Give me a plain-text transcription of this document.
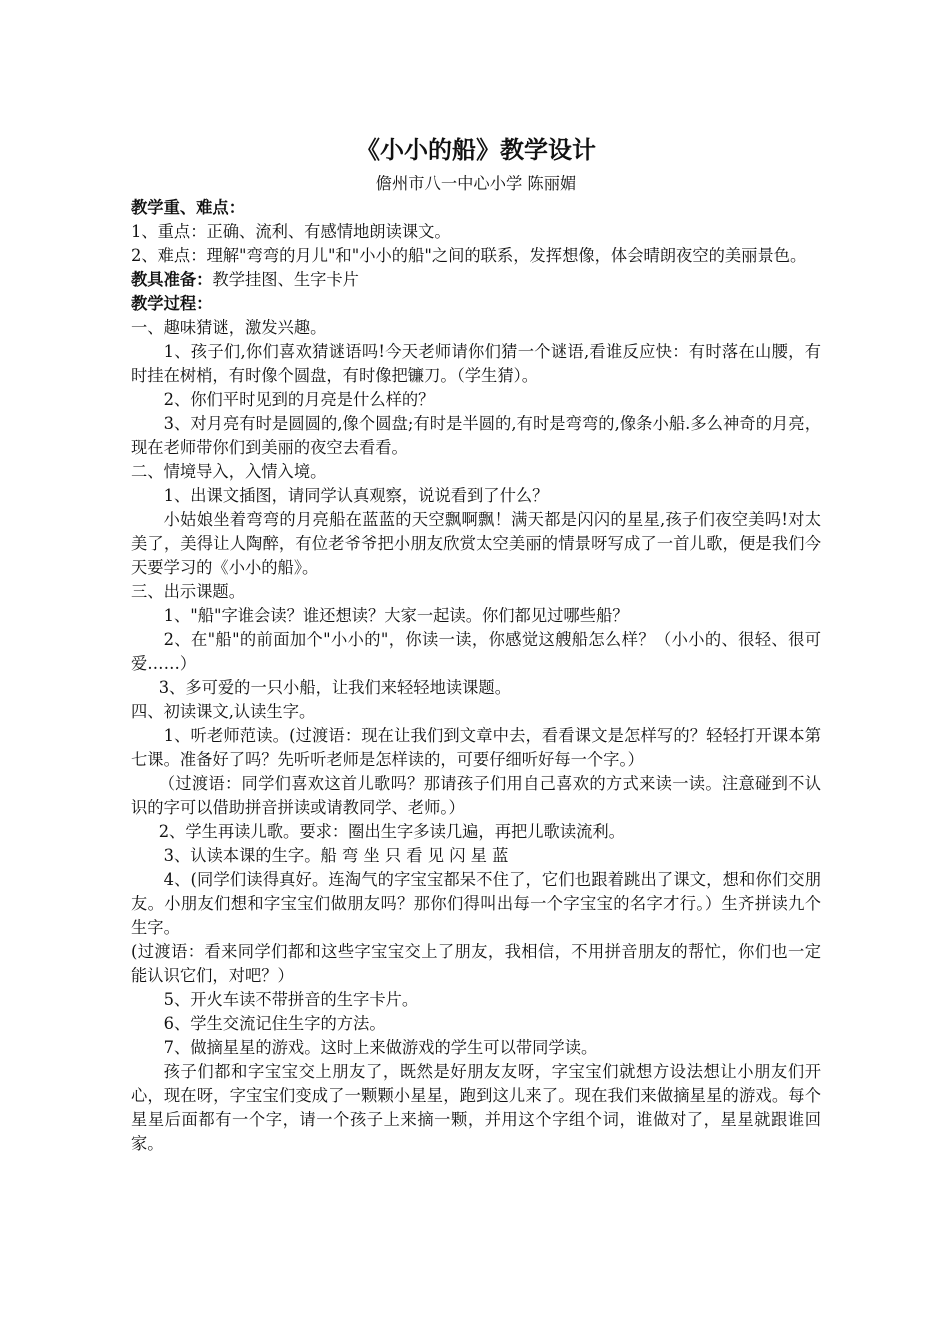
《小小的船》教学设计

儋州市八一中心小学 陈丽媚

教学重、难点：

1、重点：正确、流利、有感情地朗读课文。

2、难点：理解"弯弯的月儿"和"小小的船"之间的联系，发挥想像，体会晴朗夜空的美丽景色。

教具准备：教学挂图、生字卡片

教学过程：

一、趣味猜谜，激发兴趣。

1、孩子们,你们喜欢猜谜语吗!今天老师请你们猜一个谜语,看谁反应快：有时落在山腰，有时挂在树梢，有时像个圆盘，有时像把镰刀。（学生猜）。

2、你们平时见到的月亮是什么样的？

3、对月亮有时是圆圆的,像个圆盘;有时是半圆的,有时是弯弯的,像条小船.多么神奇的月亮，现在老师带你们到美丽的夜空去看看。

二、情境导入，入情入境。

1、出课文插图，请同学认真观察，说说看到了什么？

小姑娘坐着弯弯的月亮船在蓝蓝的天空飘啊飘！满天都是闪闪的星星,孩子们夜空美吗!对太美了，美得让人陶醉，有位老爷爷把小朋友欣赏太空美丽的情景呀写成了一首儿歌，便是我们今天要学习的《小小的船》。

三、出示课题。

1、"船"字谁会读？谁还想读？大家一起读。你们都见过哪些船？

2、在"船"的前面加个"小小的"，你读一读，你感觉这艘船怎么样？（小小的、很轻、很可爱……）

3、多可爱的一只小船，让我们来轻轻地读课题。

四、初读课文,认读生字。

1、听老师范读。(过渡语：现在让我们到文章中去，看看课文是怎样写的？轻轻打开课本第七课。准备好了吗？先听听老师是怎样读的，可要仔细听好每一个字。）

（过渡语：同学们喜欢这首儿歌吗？那请孩子们用自己喜欢的方式来读一读。注意碰到不认识的字可以借助拼音拼读或请教同学、老师。）

2、学生再读儿歌。要求：圈出生字多读几遍，再把儿歌读流利。

3、认读本课的生字。船 弯 坐 只 看 见 闪 星 蓝

4、(同学们读得真好。连淘气的字宝宝都呆不住了，它们也跟着跳出了课文，想和你们交朋友。小朋友们想和字宝宝们做朋友吗？那你们得叫出每一个字宝宝的名字才行。）生齐拼读九个生字。

(过渡语：看来同学们都和这些字宝宝交上了朋友，我相信，不用拼音朋友的帮忙，你们也一定能认识它们，对吧？）

5、开火车读不带拼音的生字卡片。

6、学生交流记住生字的方法。

7、做摘星星的游戏。这时上来做游戏的学生可以带同学读。

孩子们都和字宝宝交上朋友了，既然是好朋友友呀，字宝宝们就想方设法想让小朋友们开心，现在呀，字宝宝们变成了一颗颗小星星，跑到这儿来了。现在我们来做摘星星的游戏。每个星星后面都有一个字，请一个孩子上来摘一颗，并用这个字组个词，谁做对了，星星就跟谁回家。
